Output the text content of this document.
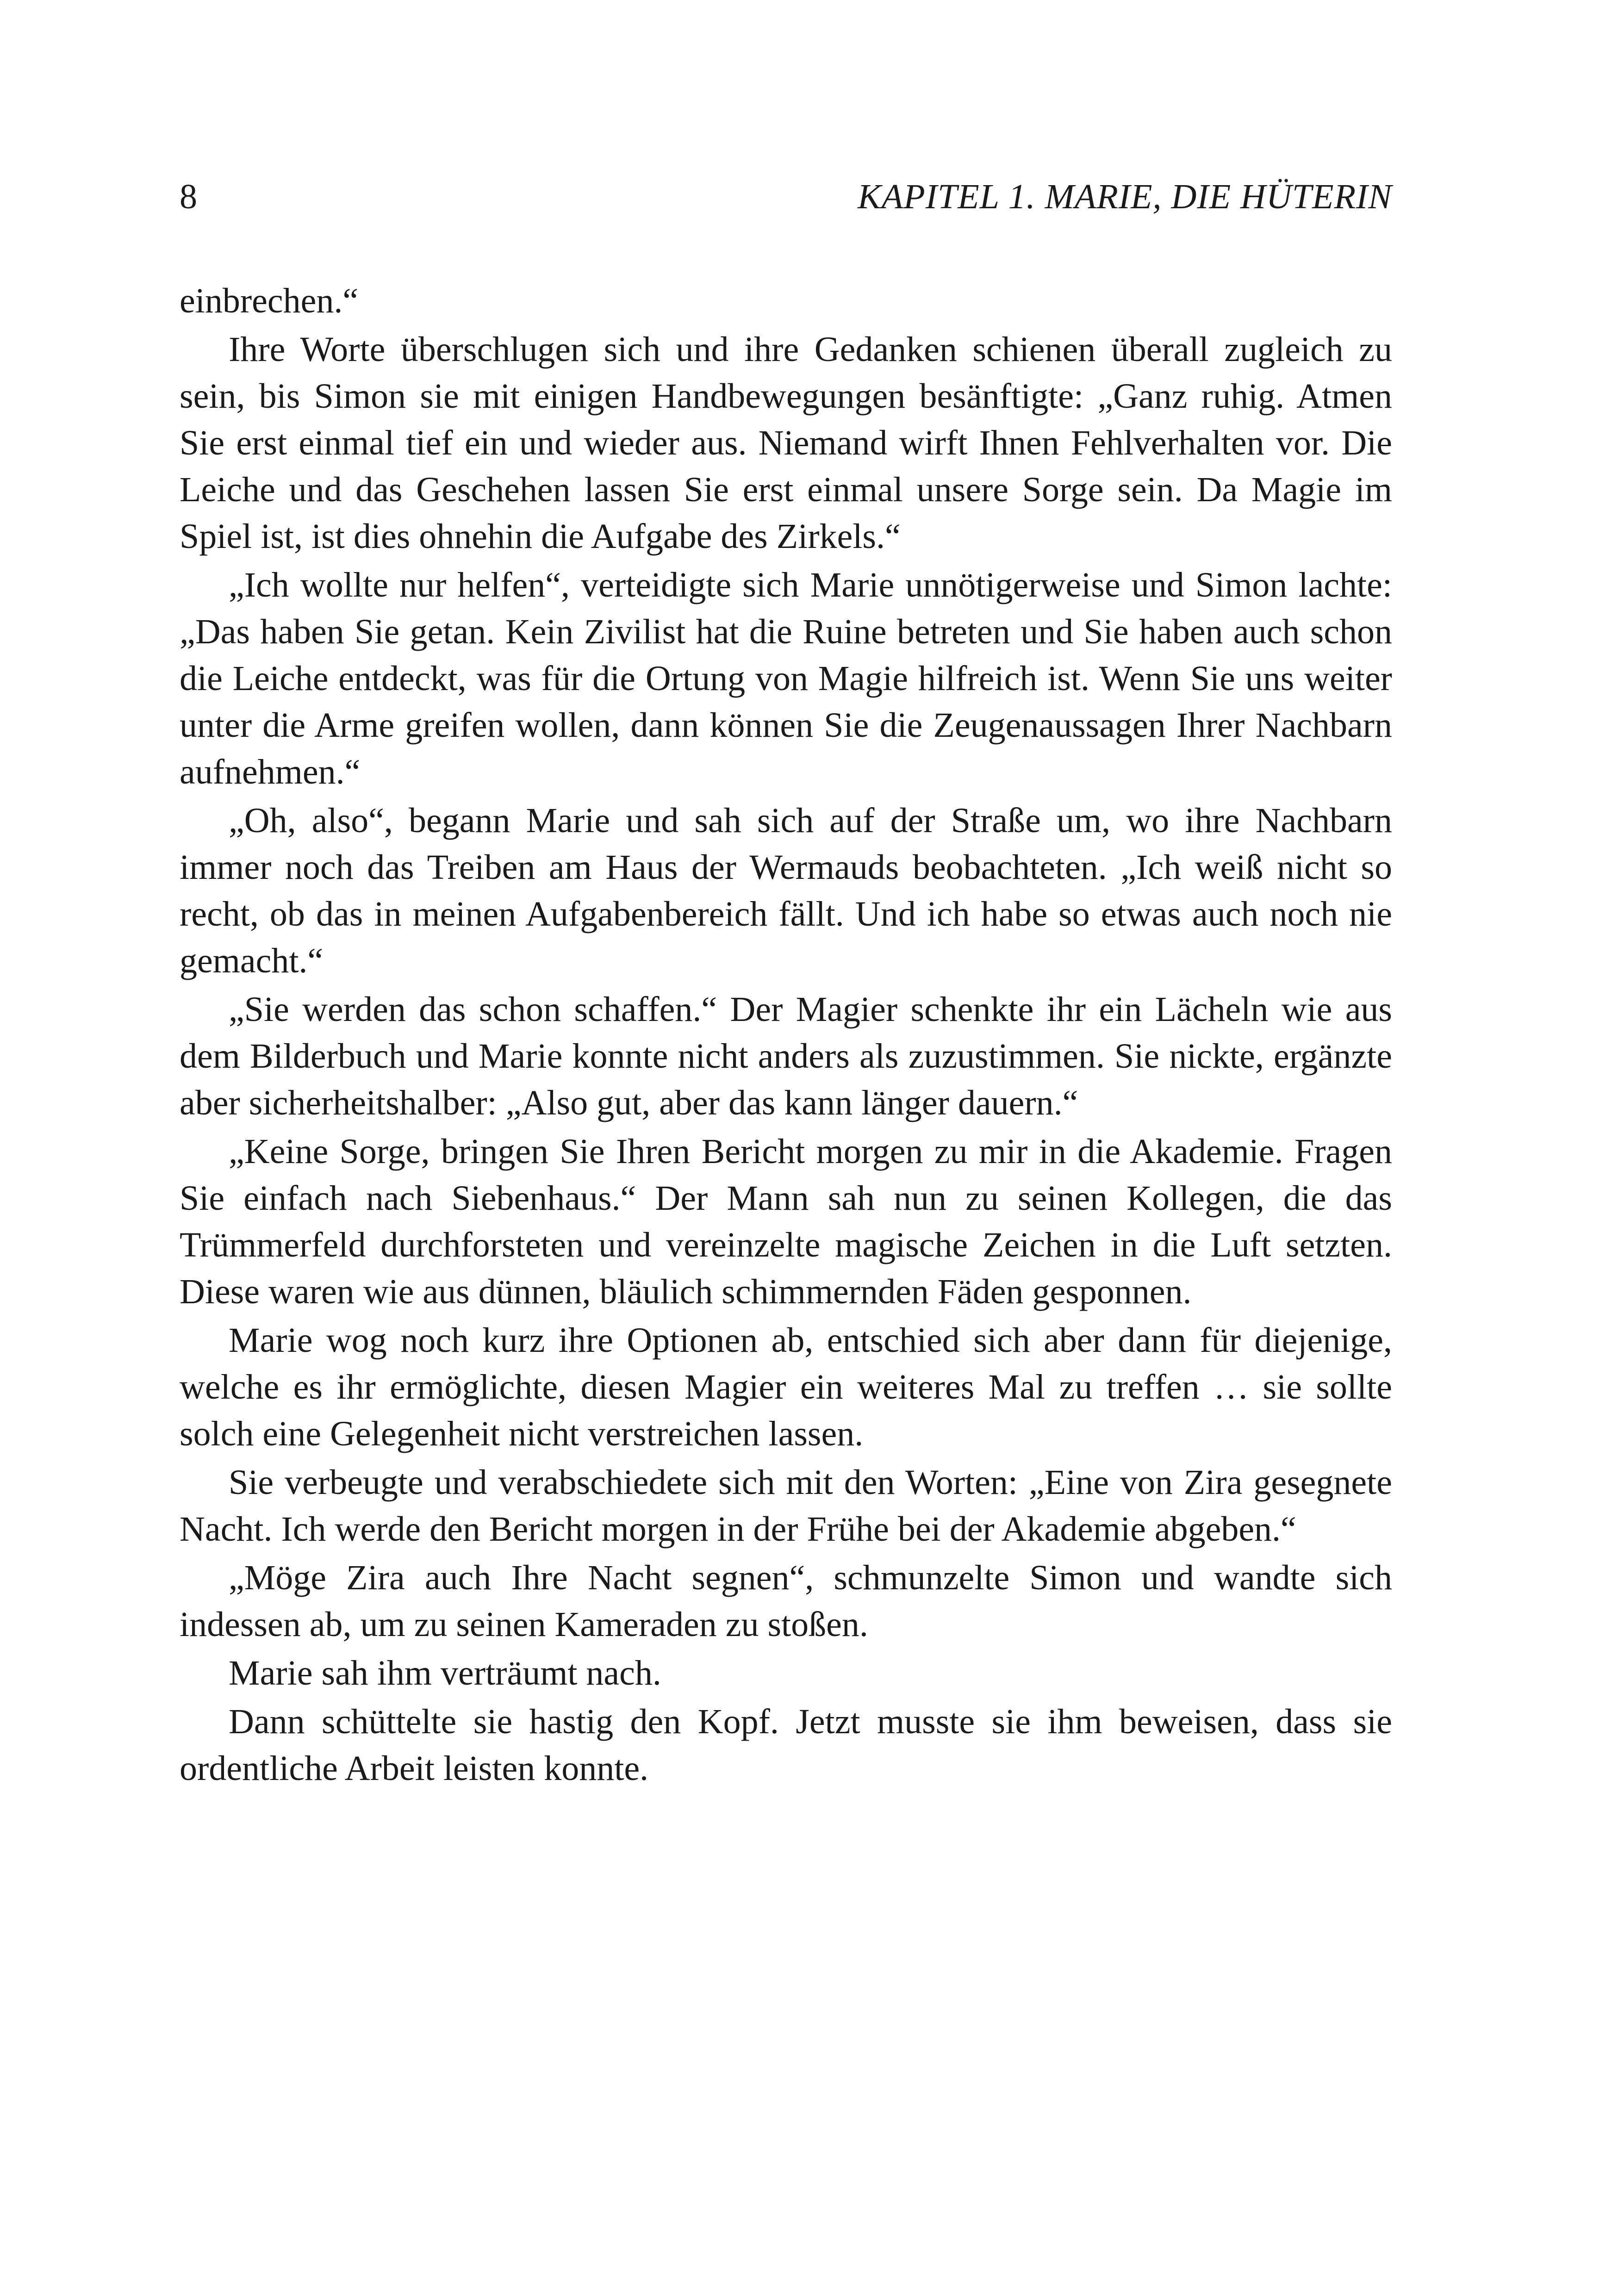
8	KAPITEL 1. MARIE, DIE HÜTERIN

einbrechen.“

Ihre Worte überschlugen sich und ihre Gedanken schienen überall zugleich zu sein, bis Simon sie mit einigen Handbewegungen besänftigte: „Ganz ruhig. Atmen Sie erst einmal tief ein und wieder aus. Niemand wirft Ihnen Fehlverhalten vor. Die Leiche und das Geschehen lassen Sie erst einmal unsere Sorge sein. Da Magie im Spiel ist, ist dies ohnehin die Aufgabe des Zirkels.“

„Ich wollte nur helfen“, verteidigte sich Marie unnötigerweise und Simon lachte: „Das haben Sie getan. Kein Zivilist hat die Ruine betreten und Sie haben auch schon die Leiche entdeckt, was für die Ortung von Magie hilfreich ist. Wenn Sie uns weiter unter die Arme greifen wollen, dann können Sie die Zeugenaussagen Ihrer Nachbarn aufnehmen.“

„Oh, also“, begann Marie und sah sich auf der Straße um, wo ihre Nachbarn immer noch das Treiben am Haus der Wermauds beobachteten. „Ich weiß nicht so recht, ob das in meinen Aufgabenbereich fällt. Und ich habe so etwas auch noch nie gemacht.“

„Sie werden das schon schaffen.“ Der Magier schenkte ihr ein Lächeln wie aus dem Bilderbuch und Marie konnte nicht anders als zuzustimmen. Sie nickte, ergänzte aber sicherheitshalber: „Also gut, aber das kann länger dauern.“

„Keine Sorge, bringen Sie Ihren Bericht morgen zu mir in die Akademie. Fragen Sie einfach nach Siebenhaus.“ Der Mann sah nun zu seinen Kollegen, die das Trümmerfeld durchforsteten und vereinzelte magische Zeichen in die Luft setzten. Diese waren wie aus dünnen, bläulich schimmernden Fäden gesponnen.

Marie wog noch kurz ihre Optionen ab, entschied sich aber dann für diejenige, welche es ihr ermöglichte, diesen Magier ein weiteres Mal zu treffen … sie sollte solch eine Gelegenheit nicht verstreichen lassen.

Sie verbeugte und verabschiedete sich mit den Worten: „Eine von Zira gesegnete Nacht. Ich werde den Bericht morgen in der Frühe bei der Akademie abgeben.“

„Möge Zira auch Ihre Nacht segnen“, schmunzelte Simon und wandte sich indessen ab, um zu seinen Kameraden zu stoßen.

Marie sah ihm verträumt nach.

Dann schüttelte sie hastig den Kopf. Jetzt musste sie ihm beweisen, dass sie ordentliche Arbeit leisten konnte.
